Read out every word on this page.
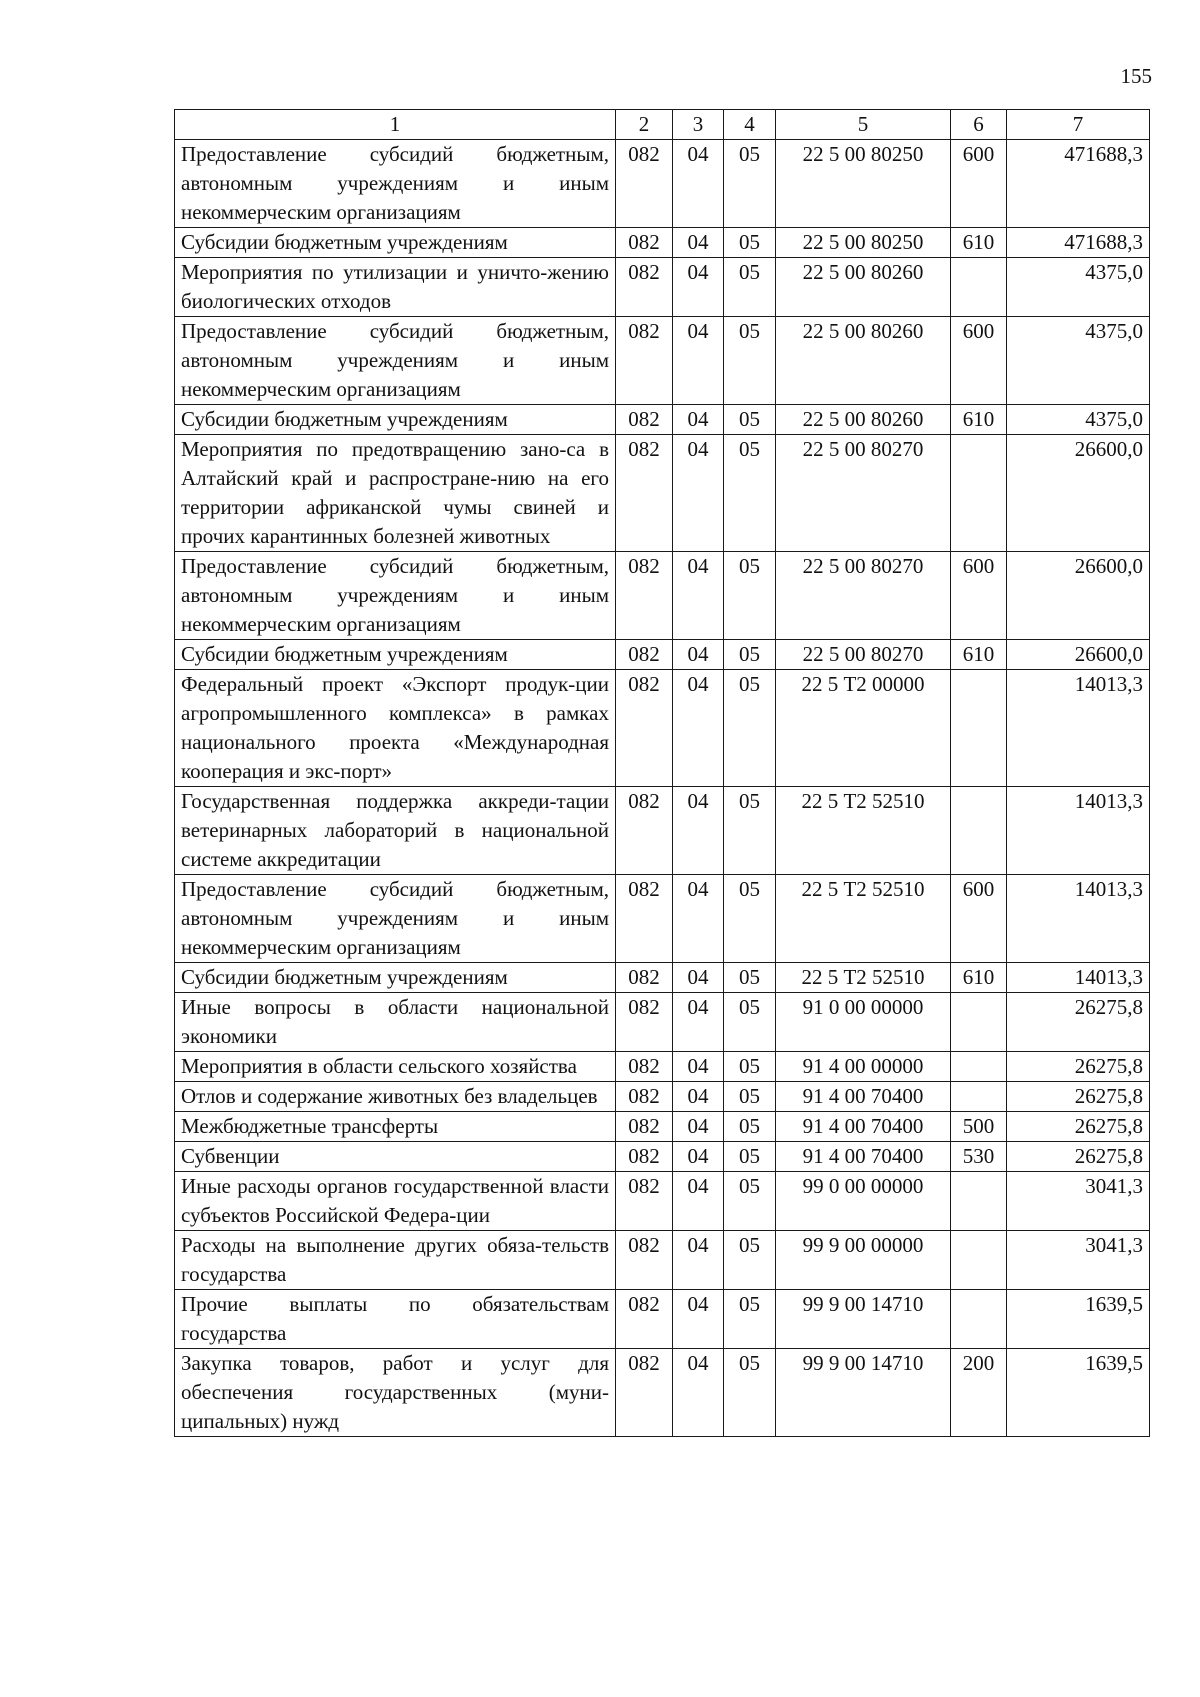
155
1	2	3	4	5	6	7
Предоставление субсидий бюджетным, автономным учреждениям и иным некоммерческим организациям	082	04	05	22 5 00 80250	600	471688,3
Субсидии бюджетным учреждениям	082	04	05	22 5 00 80250	610	471688,3
Мероприятия по утилизации и уничто-жению биологических отходов	082	04	05	22 5 00 80260		4375,0
Предоставление субсидий бюджетным, автономным учреждениям и иным некоммерческим организациям	082	04	05	22 5 00 80260	600	4375,0
Субсидии бюджетным учреждениям	082	04	05	22 5 00 80260	610	4375,0
Мероприятия по предотвращению зано-са в Алтайский край и распростране-нию на его территории африканской чумы свиней и прочих карантинных болезней животных	082	04	05	22 5 00 80270		26600,0
Предоставление субсидий бюджетным, автономным учреждениям и иным некоммерческим организациям	082	04	05	22 5 00 80270	600	26600,0
Субсидии бюджетным учреждениям	082	04	05	22 5 00 80270	610	26600,0
Федеральный проект «Экспорт продук-ции агропромышленного комплекса» в рамках национального проекта «Международная кооперация и экс-порт»	082	04	05	22 5 Т2 00000		14013,3
Государственная поддержка аккреди-тации ветеринарных лабораторий в национальной системе аккредитации	082	04	05	22 5 Т2 52510		14013,3
Предоставление субсидий бюджетным, автономным учреждениям и иным некоммерческим организациям	082	04	05	22 5 Т2 52510	600	14013,3
Субсидии бюджетным учреждениям	082	04	05	22 5 Т2 52510	610	14013,3
Иные вопросы в области национальной экономики	082	04	05	91 0 00 00000		26275,8
Мероприятия в области сельского хозяйства	082	04	05	91 4 00 00000		26275,8
Отлов и содержание животных без владельцев	082	04	05	91 4 00 70400		26275,8
Межбюджетные трансферты	082	04	05	91 4 00 70400	500	26275,8
Субвенции	082	04	05	91 4 00 70400	530	26275,8
Иные расходы органов государственной власти субъектов Российской Федера-ции	082	04	05	99 0 00 00000		3041,3
Расходы на выполнение других обяза-тельств государства	082	04	05	99 9 00 00000		3041,3
Прочие выплаты по обязательствам государства	082	04	05	99 9 00 14710		1639,5
Закупка товаров, работ и услуг для обеспечения государственных (муни-ципальных) нужд	082	04	05	99 9 00 14710	200	1639,5
